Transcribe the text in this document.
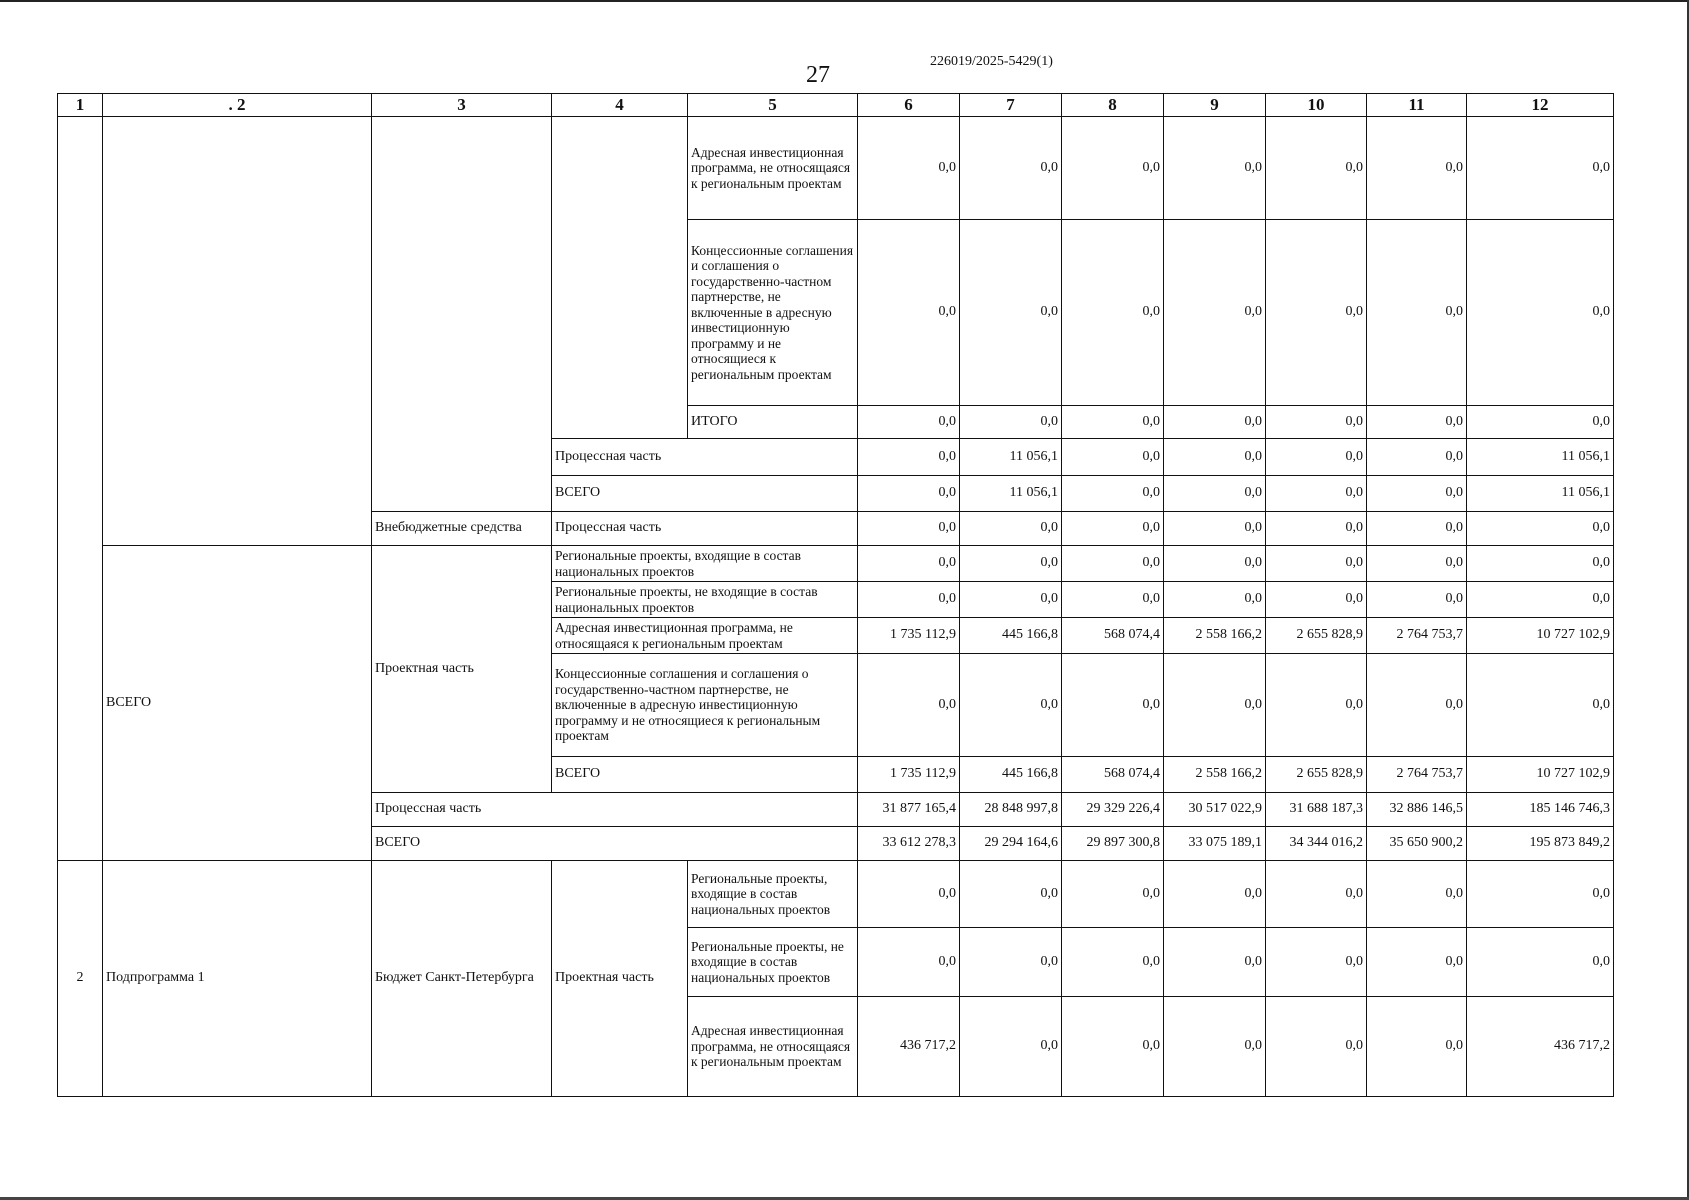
27
226019/2025-5429(1)
1	. 2	3	4	5	6	7	8	9	10	11	12
				Адресная инвестиционная программа, не относящаяся к региональным проектам	0,0	0,0	0,0	0,0	0,0	0,0	0,0
				Концессионные соглашения и соглашения о государственно-частном партнерстве, не включенные в адресную инвестиционную программу и не относящиеся к региональным проектам	0,0	0,0	0,0	0,0	0,0	0,0	0,0
				ИТОГО	0,0	0,0	0,0	0,0	0,0	0,0	0,0
			Процессная часть		0,0	11 056,1	0,0	0,0	0,0	0,0	11 056,1
			ВСЕГО		0,0	11 056,1	0,0	0,0	0,0	0,0	11 056,1
		Внебюджетные средства	Процессная часть		0,0	0,0	0,0	0,0	0,0	0,0	0,0
	ВСЕГО	Проектная часть	Региональные проекты, входящие в состав национальных проектов		0,0	0,0	0,0	0,0	0,0	0,0	0,0
			Региональные проекты, не входящие в состав национальных проектов		0,0	0,0	0,0	0,0	0,0	0,0	0,0
			Адресная инвестиционная программа, не относящаяся к региональным проектам		1 735 112,9	445 166,8	568 074,4	2 558 166,2	2 655 828,9	2 764 753,7	10 727 102,9
			Концессионные соглашения и соглашения о государственно-частном партнерстве, не включенные в адресную инвестиционную программу и не относящиеся к региональным проектам		0,0	0,0	0,0	0,0	0,0	0,0	0,0
			ВСЕГО		1 735 112,9	445 166,8	568 074,4	2 558 166,2	2 655 828,9	2 764 753,7	10 727 102,9
		Процессная часть			31 877 165,4	28 848 997,8	29 329 226,4	30 517 022,9	31 688 187,3	32 886 146,5	185 146 746,3
		ВСЕГО			33 612 278,3	29 294 164,6	29 897 300,8	33 075 189,1	34 344 016,2	35 650 900,2	195 873 849,2

2	Подпрограмма 1	Бюджет Санкт-Петербурга	Проектная часть	Региональные проекты, входящие в состав национальных проектов	0,0	0,0	0,0	0,0	0,0	0,0	0,0
				Региональные проекты, не входящие в состав национальных проектов	0,0	0,0	0,0	0,0	0,0	0,0	0,0
				Адресная инвестиционная программа, не относящаяся к региональным проектам	436 717,2	0,0	0,0	0,0	0,0	0,0	436 717,2
